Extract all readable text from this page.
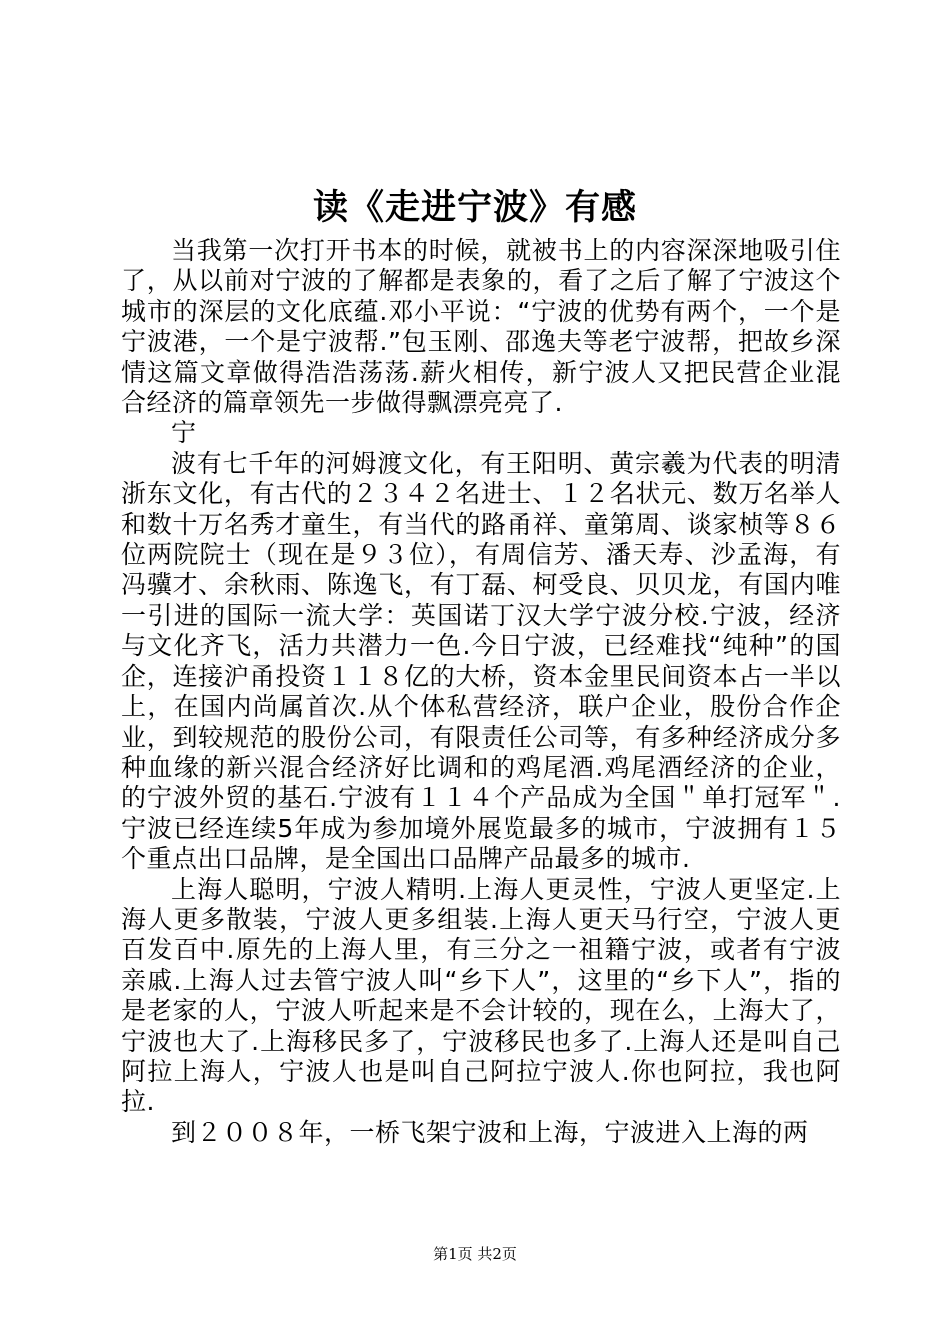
读《走进宁波》有感

当我第一次打开书本的时候，就被书上的内容深深地吸引住了，从以前对宁波的了解都是表象的，看了之后了解了宁波这个城市的深层的文化底蕴.邓小平说：“宁波的优势有两个，一个是宁波港，一个是宁波帮.”包玉刚、邵逸夫等老宁波帮，把故乡深情这篇文章做得浩浩荡荡.薪火相传，新宁波人又把民营企业混合经济的篇章领先一步做得飘漂亮亮了.

宁

波有七千年的河姆渡文化，有王阳明、黄宗羲为代表的明清浙东文化，有古代的２３４２名进士、１２名状元、数万名举人和数十万名秀才童生，有当代的路甬祥、童第周、谈家桢等８６位两院院士（现在是９３位），有周信芳、潘天寿、沙孟海，有冯骥才、余秋雨、陈逸飞，有丁磊、柯受良、贝贝龙，有国内唯一引进的国际一流大学：英国诺丁汉大学宁波分校.宁波，经济与文化齐飞，活力共潜力一色.今日宁波，已经难找“纯种”的国企，连接沪甬投资１１８亿的大桥，资本金里民间资本占一半以上，在国内尚属首次.从个体私营经济，联户企业，股份合作企业，到较规范的股份公司，有限责任公司等，有多种经济成分多种血缘的新兴混合经济好比调和的鸡尾酒.鸡尾酒经济的企业，的宁波外贸的基石.宁波有１１４个产品成为全国＂单打冠军＂.宁波已经连续5年成为参加境外展览最多的城市，宁波拥有１５个重点出口品牌，是全国出口品牌产品最多的城市.

上海人聪明，宁波人精明.上海人更灵性，宁波人更坚定.上海人更多散装，宁波人更多组装.上海人更天马行空，宁波人更百发百中.原先的上海人里，有三分之一祖籍宁波，或者有宁波亲戚.上海人过去管宁波人叫“乡下人”，这里的“乡下人”，指的是老家的人，宁波人听起来是不会计较的，现在么，上海大了，宁波也大了.上海移民多了，宁波移民也多了.上海人还是叫自己阿拉上海人，宁波人也是叫自己阿拉宁波人.你也阿拉，我也阿拉.

到２００８年，一桥飞架宁波和上海，宁波进入上海的两

第1页 共2页
